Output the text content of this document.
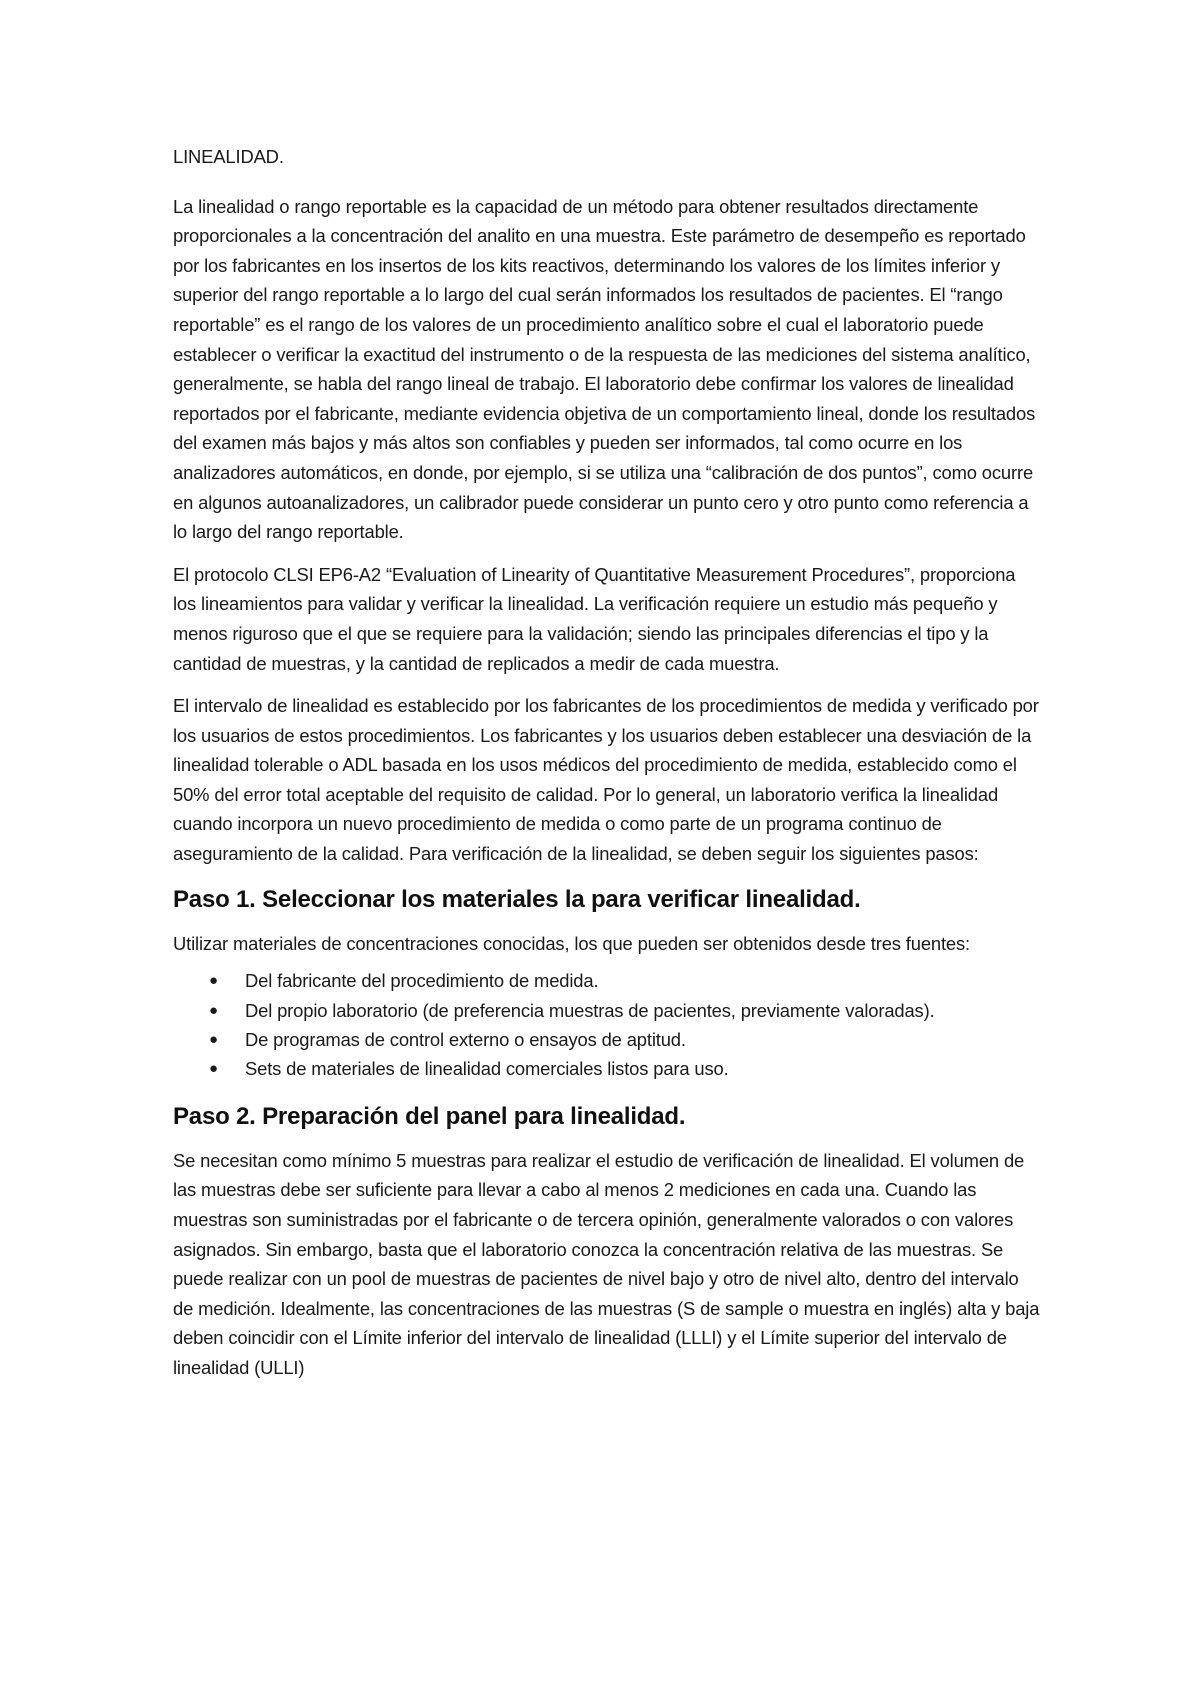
LINEALIDAD.

La linealidad o rango reportable es la capacidad de un método para obtener resultados directamente proporcionales a la concentración del analito en una muestra. Este parámetro de desempeño es reportado por los fabricantes en los insertos de los kits reactivos, determinando los valores de los límites inferior y superior del rango reportable a lo largo del cual serán informados los resultados de pacientes. El “rango reportable” es el rango de los valores de un procedimiento analítico sobre el cual el laboratorio puede establecer o verificar la exactitud del instrumento o de la respuesta de las mediciones del sistema analítico, generalmente, se habla del rango lineal de trabajo. El laboratorio debe confirmar los valores de linealidad reportados por el fabricante, mediante evidencia objetiva de un comportamiento lineal, donde los resultados del examen más bajos y más altos son confiables y pueden ser informados, tal como ocurre en los analizadores automáticos, en donde, por ejemplo, si se utiliza una “calibración de dos puntos”, como ocurre en algunos autoanalizadores, un calibrador puede considerar un punto cero y otro punto como referencia a lo largo del rango reportable.

El protocolo CLSI EP6-A2 “Evaluation of Linearity of Quantitative Measurement Procedures”, proporciona los lineamientos para validar y verificar la linealidad. La verificación requiere un estudio más pequeño y menos riguroso que el que se requiere para la validación; siendo las principales diferencias el tipo y la cantidad de muestras, y la cantidad de replicados a medir de cada muestra.

El intervalo de linealidad es establecido por los fabricantes de los procedimientos de medida y verificado por los usuarios de estos procedimientos. Los fabricantes y los usuarios deben establecer una desviación de la linealidad tolerable o ADL basada en los usos médicos del procedimiento de medida, establecido como el 50% del error total aceptable del requisito de calidad. Por lo general, un laboratorio verifica la linealidad cuando incorpora un nuevo procedimiento de medida o como parte de un programa continuo de aseguramiento de la calidad. Para verificación de la linealidad, se deben seguir los siguientes pasos:

Paso 1. Seleccionar los materiales la para verificar linealidad.

Utilizar materiales de concentraciones conocidas, los que pueden ser obtenidos desde tres fuentes:

● Del fabricante del procedimiento de medida.
● Del propio laboratorio (de preferencia muestras de pacientes, previamente valoradas).
● De programas de control externo o ensayos de aptitud.
● Sets de materiales de linealidad comerciales listos para uso.
Paso 2. Preparación del panel para linealidad.

Se necesitan como mínimo 5 muestras para realizar el estudio de verificación de linealidad. El volumen de las muestras debe ser suficiente para llevar a cabo al menos 2 mediciones en cada una. Cuando las muestras son suministradas por el fabricante o de tercera opinión, generalmente valorados o con valores asignados. Sin embargo, basta que el laboratorio conozca la concentración relativa de las muestras. Se puede realizar con un pool de muestras de pacientes de nivel bajo y otro de nivel alto, dentro del intervalo de medición. Idealmente, las concentraciones de las muestras (S de sample o muestra en inglés) alta y baja deben coincidir con el Límite inferior del intervalo de linealidad (LLLI) y el Límite superior del intervalo de linealidad (ULLI)
